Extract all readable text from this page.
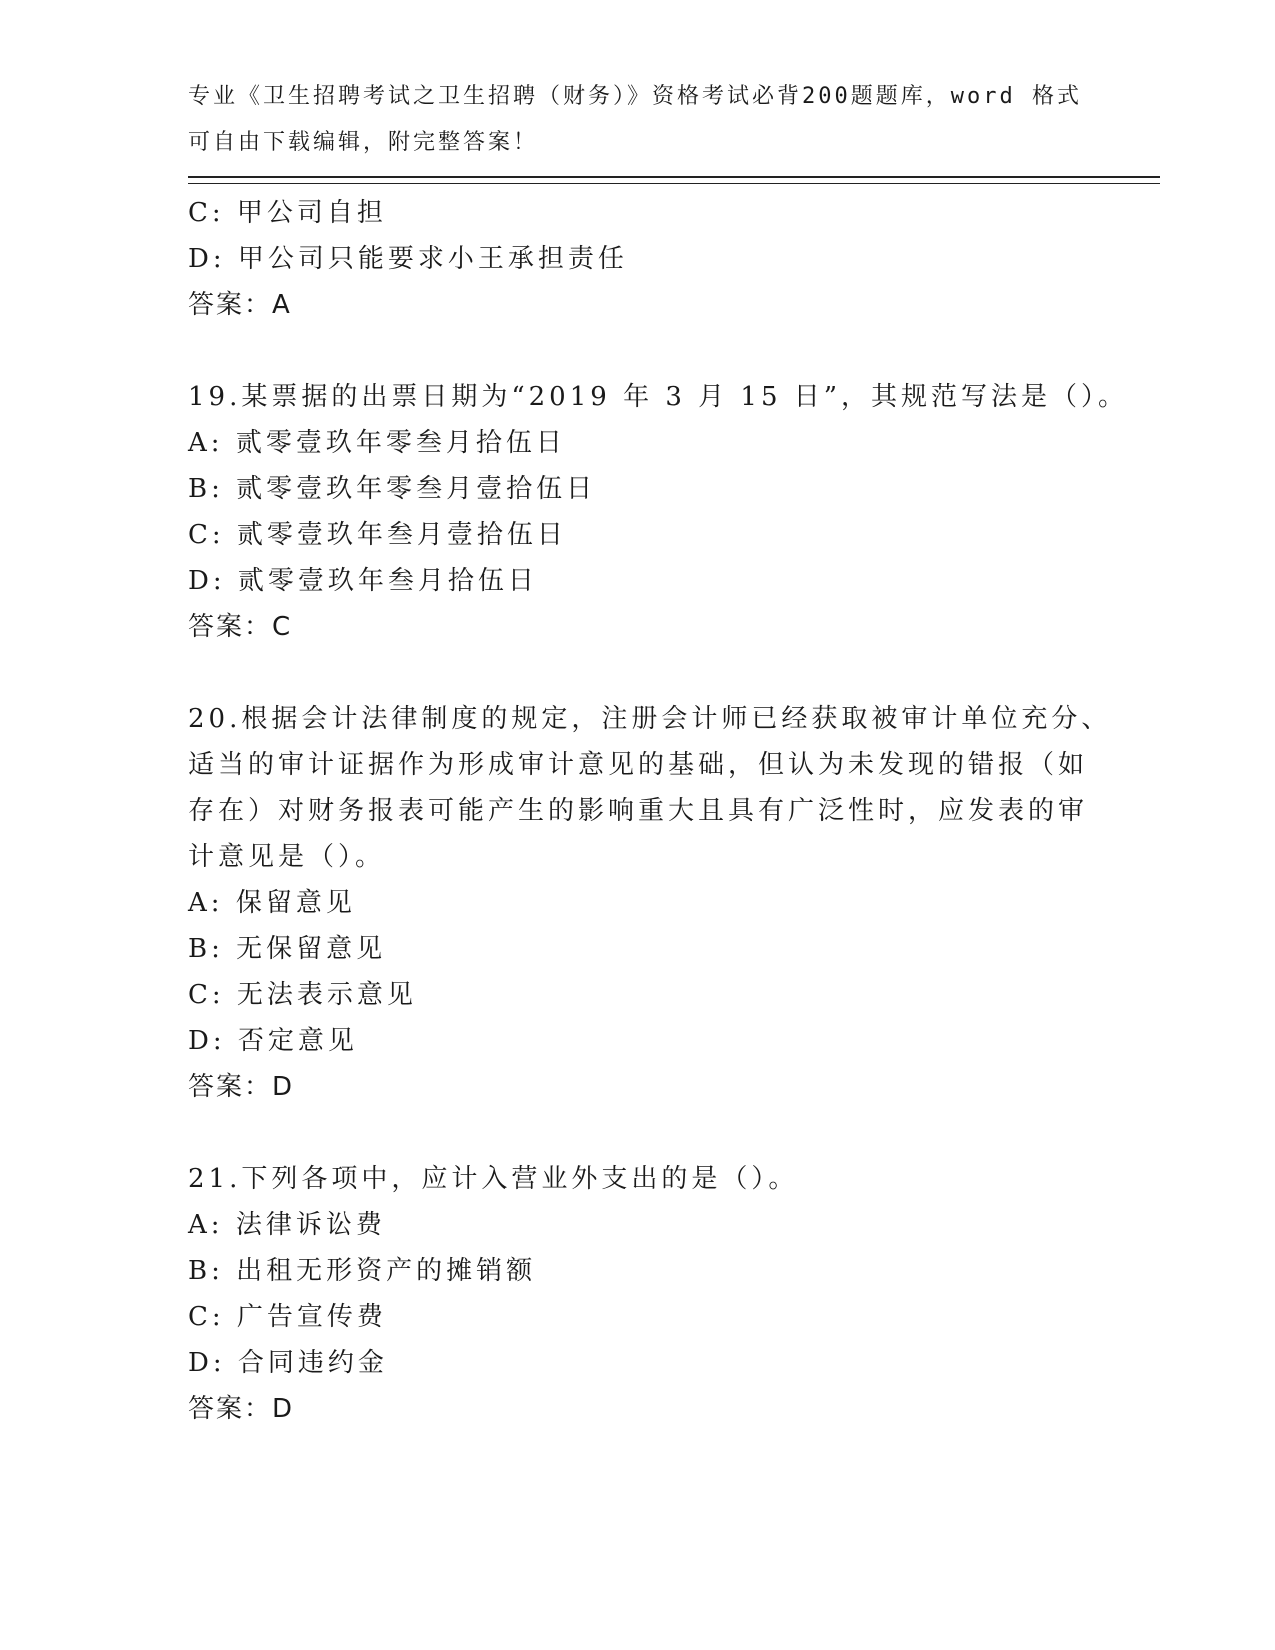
专业《卫生招聘考试之卫生招聘（财务）》资格考试必背200题题库，word 格式
可自由下载编辑，附完整答案！
C: 甲公司自担
D: 甲公司只能要求小王承担责任
答案：A
19.某票据的出票日期为“2019 年 3 月 15 日”，其规范写法是（）。
A: 贰零壹玖年零叁月拾伍日
B: 贰零壹玖年零叁月壹拾伍日
C: 贰零壹玖年叁月壹拾伍日
D: 贰零壹玖年叁月拾伍日
答案：C
20.根据会计法律制度的规定，注册会计师已经获取被审计单位充分、
适当的审计证据作为形成审计意见的基础，但认为未发现的错报（如
存在）对财务报表可能产生的影响重大且具有广泛性时，应发表的审
计意见是（）。
A: 保留意见
B: 无保留意见
C: 无法表示意见
D: 否定意见
答案：D
21.下列各项中，应计入营业外支出的是（）。
A: 法律诉讼费
B: 出租无形资产的摊销额
C: 广告宣传费
D: 合同违约金
答案：D
